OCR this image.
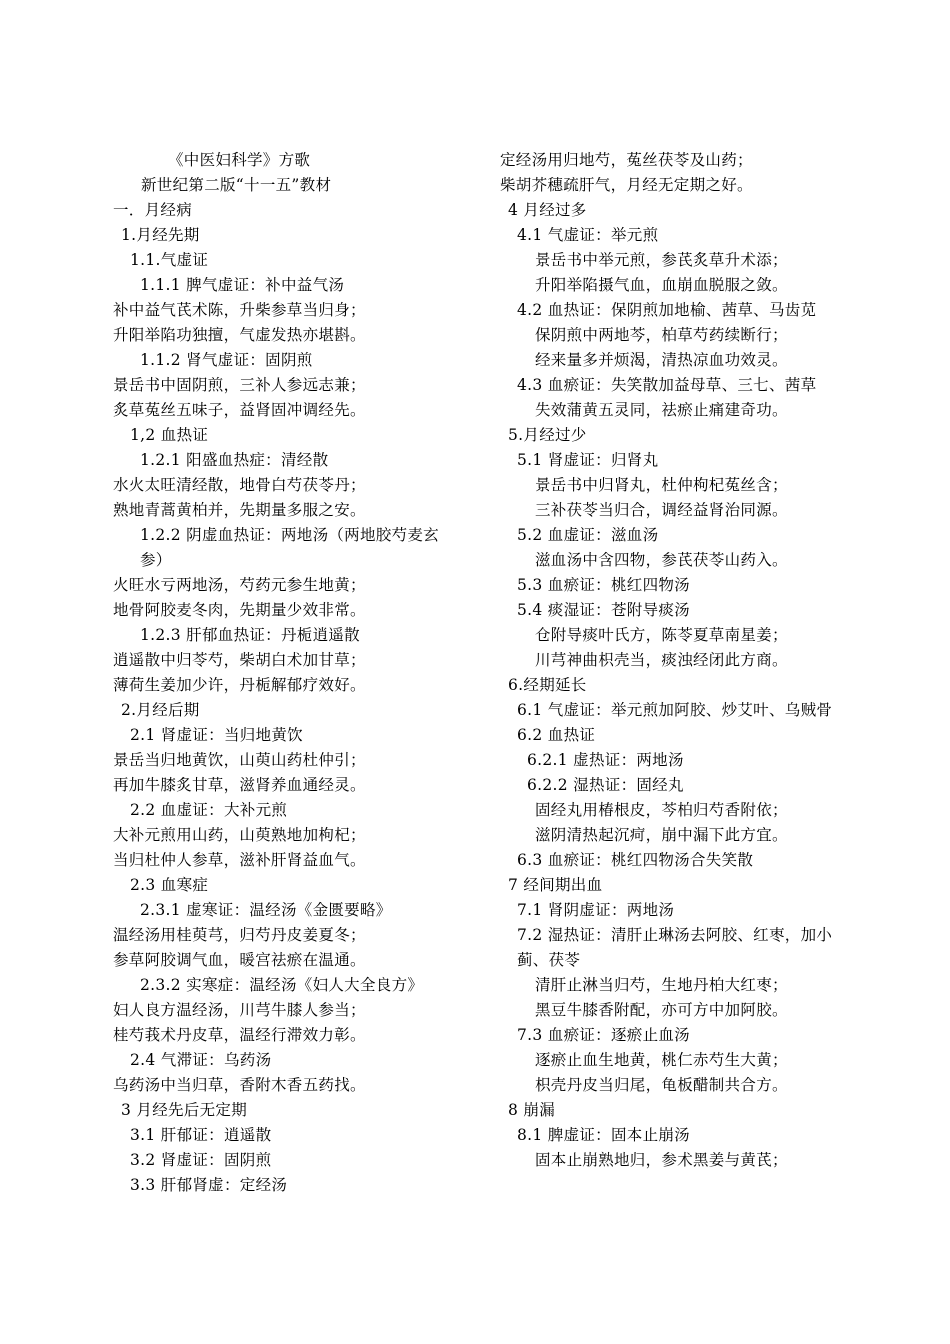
《中医妇科学》方歌
新世纪第二版“十一五”教材
一．月经病
1.月经先期
1.1.气虚证
1.1.1 脾气虚证：补中益气汤
补中益气芪术陈，升柴参草当归身；
升阳举陷功独擅，气虚发热亦堪斟。
1.1.2 肾气虚证：固阴煎
景岳书中固阴煎，三补人参远志兼；
炙草菟丝五味子，益肾固冲调经先。
1,2 血热证
1.2.1 阳盛血热症：清经散
水火太旺清经散，地骨白芍茯苓丹；
熟地青蒿黄柏并，先期量多服之安。
1.2.2 阴虚血热证：两地汤（两地胶芍麦玄参）
火旺水亏两地汤，芍药元参生地黄；
地骨阿胶麦冬肉，先期量少效非常。
1.2.3 肝郁血热证：丹栀逍遥散
逍遥散中归苓芍，柴胡白术加甘草；
薄荷生姜加少许，丹栀解郁疗效好。
2.月经后期
2.1 肾虚证：当归地黄饮
景岳当归地黄饮，山萸山药杜仲引；
再加牛膝炙甘草，滋肾养血通经灵。
2.2 血虚证：大补元煎
大补元煎用山药，山萸熟地加枸杞；
当归杜仲人参草，滋补肝肾益血气。
2.3 血寒症
2.3.1 虚寒证：温经汤《金匮要略》
温经汤用桂萸芎，归芍丹皮姜夏冬；
参草阿胶调气血，暖宫祛瘀在温通。
2.3.2 实寒症：温经汤《妇人大全良方》
妇人良方温经汤，川芎牛膝人参当；
桂芍莪术丹皮草，温经行滞效力彰。
2.4 气滞证：乌药汤
乌药汤中当归草，香附木香五药找。
3 月经先后无定期
3.1 肝郁证：逍遥散
3.2 肾虚证：固阴煎
3.3 肝郁肾虚：定经汤
定经汤用归地芍，菟丝茯苓及山药；
柴胡芥穗疏肝气，月经无定期之好。
4 月经过多
4.1 气虚证：举元煎
景岳书中举元煎，参芪炙草升术添；
升阳举陷摄气血，血崩血脱服之敛。
4.2 血热证：保阴煎加地榆、茜草、马齿苋
保阴煎中两地芩，柏草芍药续断行；
经来量多并烦渴，清热凉血功效灵。
4.3 血瘀证：失笑散加益母草、三七、茜草
失效蒲黄五灵同，祛瘀止痛建奇功。
5.月经过少
5.1 肾虚证：归肾丸
景岳书中归肾丸，杜仲枸杞菟丝含；
三补茯苓当归合，调经益肾治同源。
5.2 血虚证：滋血汤
滋血汤中含四物，参芪茯苓山药入。
5.3 血瘀证：桃红四物汤
5.4 痰湿证：苍附导痰汤
仓附导痰叶氏方，陈苓夏草南星姜；
川芎神曲枳壳当，痰浊经闭此方商。
6.经期延长
6.1 气虚证：举元煎加阿胶、炒艾叶、乌贼骨
6.2 血热证
6.2.1 虚热证：两地汤
6.2.2 湿热证：固经丸
固经丸用椿根皮，芩柏归芍香附依；
滋阴清热起沉疴，崩中漏下此方宜。
6.3 血瘀证：桃红四物汤合失笑散
7 经间期出血
7.1 肾阴虚证：两地汤
7.2 湿热证：清肝止琳汤去阿胶、红枣，加小蓟、茯苓
清肝止淋当归芍，生地丹柏大红枣；
黑豆牛膝香附配，亦可方中加阿胶。
7.3 血瘀证：逐瘀止血汤
逐瘀止血生地黄，桃仁赤芍生大黄；
枳壳丹皮当归尾，龟板醋制共合方。
8 崩漏
8.1 脾虚证：固本止崩汤
固本止崩熟地归，参术黑姜与黄芪；
